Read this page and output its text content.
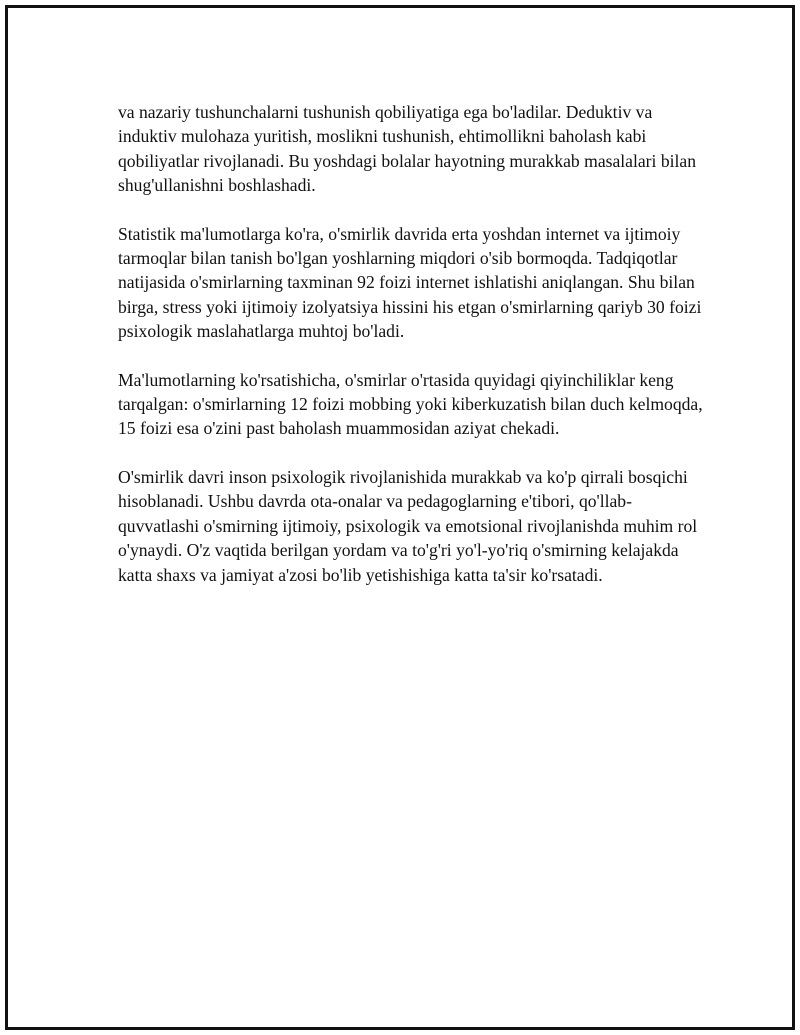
va nazariy tushunchalarni tushunish qobiliyatiga ega bo'ladilar. Deduktiv va induktiv mulohaza yuritish, moslikni tushunish, ehtimollikni baholash kabi qobiliyatlar rivojlanadi. Bu yoshdagi bolalar hayotning murakkab masalalari bilan shug'ullanishni boshlashadi.

Statistik ma'lumotlarga ko'ra, o'smirlik davrida erta yoshdan internet va ijtimoiy tarmoqlar bilan tanish bo'lgan yoshlarning miqdori o'sib bormoqda. Tadqiqotlar natijasida o'smirlarning taxminan 92 foizi internet ishlatishi aniqlangan. Shu bilan birga, stress yoki ijtimoiy izolyatsiya hissini his etgan o'smirlarning qariyb 30 foizi psixologik maslahatlarga muhtoj bo'ladi.

Ma'lumotlarning ko'rsatishicha, o'smirlar o'rtasida quyidagi qiyinchiliklar keng tarqalgan: o'smirlarning 12 foizi mobbing yoki kiberkuzatish bilan duch kelmoqda, 15 foizi esa o'zini past baholash muammosidan aziyat chekadi.

O'smirlik davri inson psixologik rivojlanishida murakkab va ko'p qirrali bosqichi hisoblanadi. Ushbu davrda ota-onalar va pedagoglarning e'tibori, qo'llab-quvvatlashi o'smirning ijtimoiy, psixologik va emotsional rivojlanishda muhim rol o'ynaydi. O'z vaqtida berilgan yordam va to'g'ri yo'l-yo'riq o'smirning kelajakda katta shaxs va jamiyat a'zosi bo'lib yetishishiga katta ta'sir ko'rsatadi.
